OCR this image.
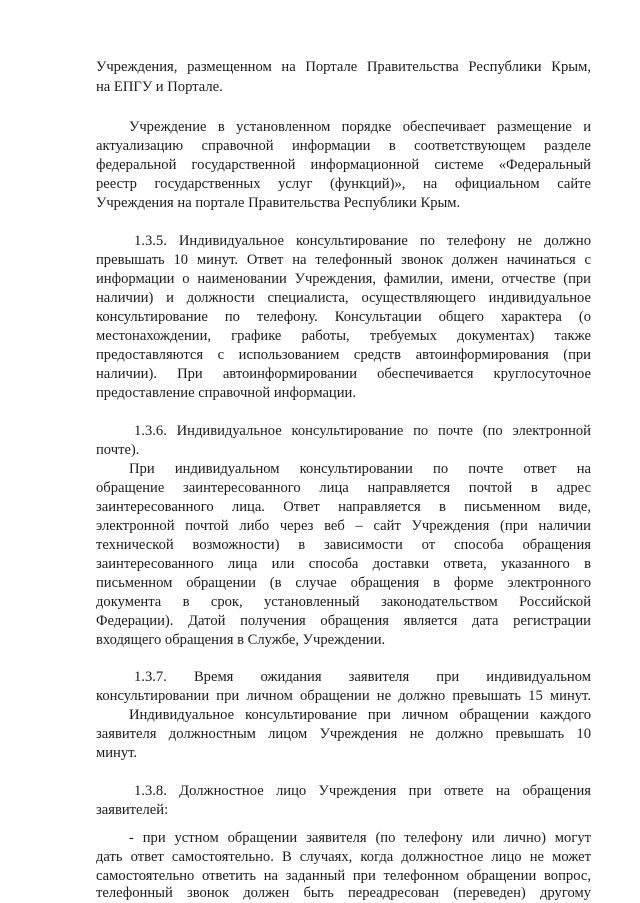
Учреждения, размещенном на Портале Правительства Республики Крым,
на ЕПГУ и Портале.
Учреждение в установленном порядке обеспечивает размещение и
актуализацию справочной информации в соответствующем разделе
федеральной государственной информационной системе «Федеральный
реестр государственных услуг (функций)», на официальном сайте
Учреждения на портале Правительства Республики Крым.
1.3.5. Индивидуальное консультирование по телефону не должно
превышать 10 минут. Ответ на телефонный звонок должен начинаться с
информации о наименовании Учреждения, фамилии, имени, отчестве (при
наличии) и должности специалиста, осуществляющего индивидуальное
консультирование по телефону. Консультации общего характера (о
местонахождении, графике работы, требуемых документах) также
предоставляются с использованием средств автоинформирования (при
наличии). При автоинформировании обеспечивается круглосуточное
предоставление справочной информации.
1.3.6. Индивидуальное консультирование по почте (по электронной
почте).
При индивидуальном консультировании по почте ответ на
обращение заинтересованного лица направляется почтой в адрес
заинтересованного лица. Ответ направляется в письменном виде,
электронной почтой либо через веб – сайт Учреждения (при наличии
технической возможности) в зависимости от способа обращения
заинтересованного лица или способа доставки ответа, указанного в
письменном обращении (в случае обращения в форме электронного
документа в срок, установленный законодательством Российской
Федерации). Датой получения обращения является дата регистрации
входящего обращения в Службе, Учреждении.
1.3.7. Время ожидания заявителя при индивидуальном
консультировании при личном обращении не должно превышать 15 минут.
Индивидуальное консультирование при личном обращении каждого
заявителя должностным лицом Учреждения не должно превышать 10
минут.
1.3.8. Должностное лицо Учреждения при ответе на обращения
заявителей:
- при устном обращении заявителя (по телефону или лично) могут
дать ответ самостоятельно. В случаях, когда должностное лицо не может
самостоятельно ответить на заданный при телефонном обращении вопрос,
телефонный звонок должен быть переадресован (переведен) другому
